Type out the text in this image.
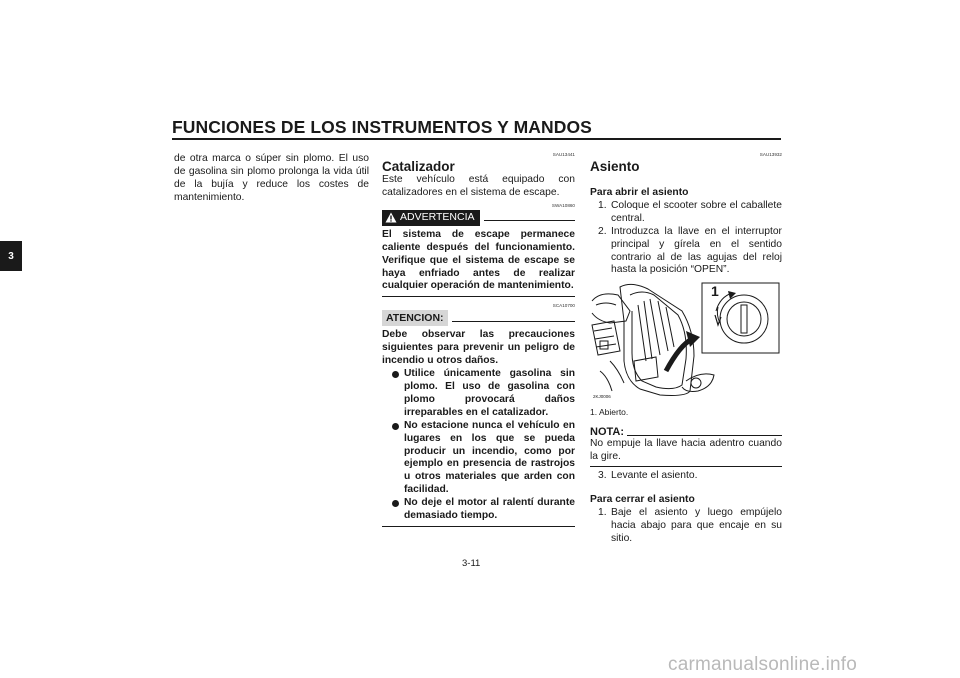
FUNCIONES DE LOS INSTRUMENTOS Y MANDOS
3

de otra marca o súper sin plomo. El uso de gasolina sin plomo prolonga la vida útil de la bujía y reduce los costes de mantenimiento.

SAU13441
Catalizador

Este vehículo está equipado con catalizadores en el sistema de escape.

SWA10860
ADVERTENCIA

El sistema de escape permanece caliente después del funcionamiento. Verifique que el sistema de escape se haya enfriado antes de realizar cualquier operación de mantenimiento.

SCA10700
ATENCION:

Debe observar las precauciones siguientes para prevenir un peligro de incendio u otros daños.

Utilice únicamente gasolina sin plomo. El uso de gasolina con plomo provocará daños irreparables en el catalizador.
No estacione nunca el vehículo en lugares en los que se pueda producir un incendio, como por ejemplo en presencia de rastrojos u otros materiales que arden con facilidad.
No deje el motor al ralentí durante demasiado tiempo.
SAU13932
Asiento

Para abrir el asiento

1. Coloque el scooter sobre el caballete central.
2. Introduzca la llave en el interruptor principal y gírela en el sentido contrario al de las agujas del reloj hasta la posición “OPEN”.
1
2KJ0006

1. Abierto.

NOTA:

No empuje la llave hacia adentro cuando la gire.

3. Levante el asiento.

Para cerrar el asiento

1. Baje el asiento y luego empújelo hacia abajo para que encaje en su sitio.
3-11
carmanualsonline.info
